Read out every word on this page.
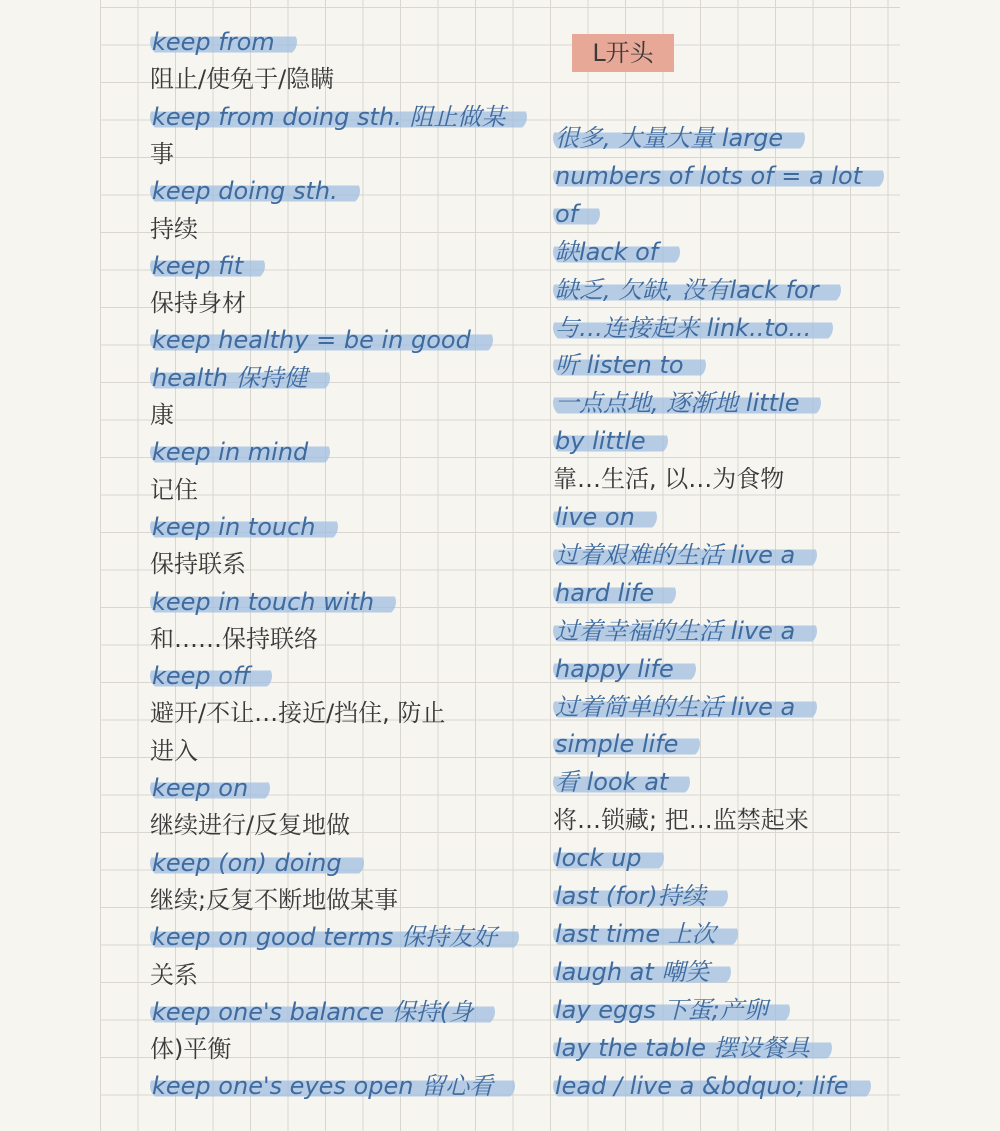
L开头
keep from
阻止/使免于/隐瞒
keep from doing sth. 阻止做某
事
keep doing sth.
持续
keep fit
保持身材
keep healthy = be in good
health 保持健
康
keep in mind
记住
keep in touch
保持联系
keep in touch with
和……保持联络
keep off
避开/不让…接近/挡住, 防止
进入
keep on
继续进行/反复地做
keep (on) doing
继续;反复不断地做某事
keep on good terms 保持友好
关系
keep one's balance 保持(身
体)平衡
keep one's eyes open 留心看
很多, 大量大量 large
numbers of lots of = a lot
of
缺lack of
缺乏, 欠缺, 没有lack for
与…连接起来 link..to...
听 listen to
一点点地, 逐渐地 little
by little
靠…生活, 以…为食物
live on
过着艰难的生活 live a
hard life
过着幸福的生活 live a
happy life
过着简单的生活 live a
simple life
看 look at
将…锁藏; 把…监禁起来
lock up
last (for)持续
last time 上次
laugh at 嘲笑
lay eggs 下蛋;产卵
lay the table 摆设餐具
lead / live a &bdquo; life
